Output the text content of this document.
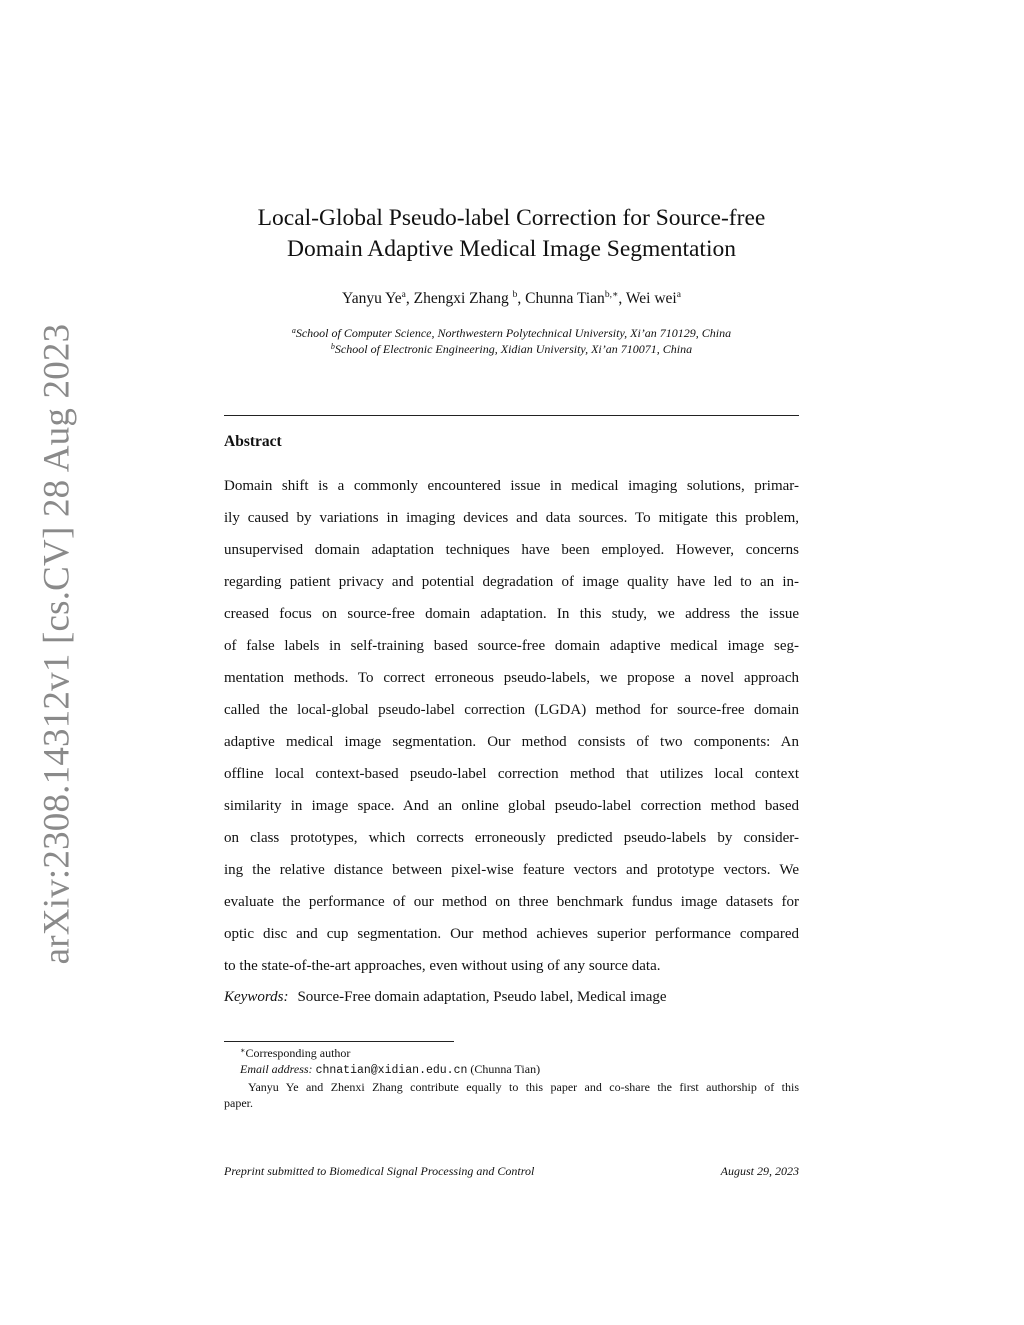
arXiv:2308.14312v1 [cs.CV] 28 Aug 2023
Local-Global Pseudo-label Correction for Source-free
Domain Adaptive Medical Image Segmentation
Yanyu Ye$^a$, Zhengxi Zhang $^b$, Chunna Tian$^{b,∗}$, Wei wei$^a$
$^a$School of Computer Science, Northwestern Polytechnical University, Xi’an 710129, China
$^b$School of Electronic Engineering, Xidian University, Xi’an 710071, China
Abstract
Domain shift is a commonly encountered issue in medical imaging solutions, primar-
ily caused by variations in imaging devices and data sources. To mitigate this problem,
unsupervised domain adaptation techniques have been employed. However, concerns
regarding patient privacy and potential degradation of image quality have led to an in-
creased focus on source-free domain adaptation. In this study, we address the issue
of false labels in self-training based source-free domain adaptive medical image seg-
mentation methods. To correct erroneous pseudo-labels, we propose a novel approach
called the local-global pseudo-label correction (LGDA) method for source-free domain
adaptive medical image segmentation. Our method consists of two components: An
offline local context-based pseudo-label correction method that utilizes local context
similarity in image space. And an online global pseudo-label correction method based
on class prototypes, which corrects erroneously predicted pseudo-labels by consider-
ing the relative distance between pixel-wise feature vectors and prototype vectors. We
evaluate the performance of our method on three benchmark fundus image datasets for
optic disc and cup segmentation. Our method achieves superior performance compared
to the state-of-the-art approaches, even without using of any source data.
Keywords: Source-Free domain adaptation, Pseudo label, Medical image
∗Corresponding author
Email address: chnatian@xidian.edu.cn (Chunna Tian)
Yanyu Ye and Zhenxi Zhang contribute equally to this paper and co-share the first authorship of this
paper.
Preprint submitted to Biomedical Signal Processing and Control	August 29, 2023
